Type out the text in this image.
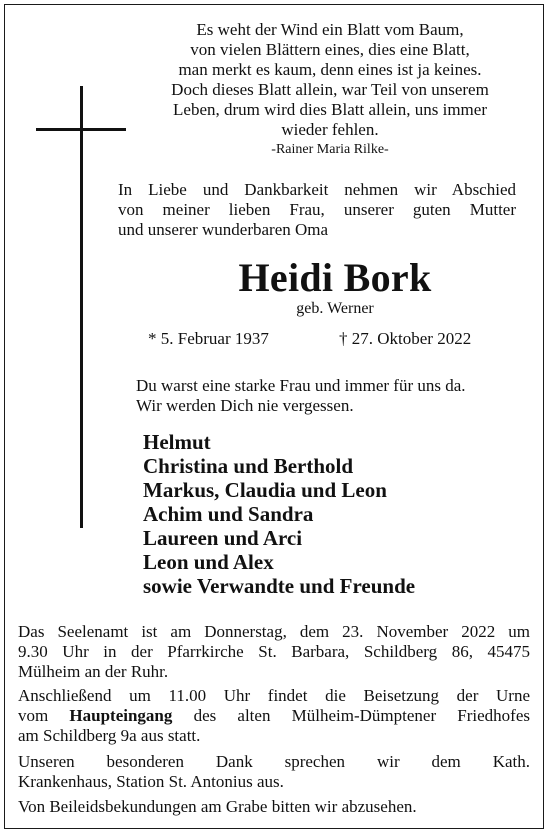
Es weht der Wind ein Blatt vom Baum,
von vielen Blättern eines, dies eine Blatt,
man merkt es kaum, denn eines ist ja keines.
Doch dieses Blatt allein, war Teil von unserem
Leben, drum wird dies Blatt allein, uns immer
wieder fehlen.
-Rainer Maria Rilke-
In Liebe und Dankbarkeit nehmen wir Abschied
von meiner lieben Frau, unserer guten Mutter
und unserer wunderbaren Oma
Heidi Bork
geb. Werner
* 5. Februar 1937	† 27. Oktober 2022
Du warst eine starke Frau und immer für uns da.
Wir werden Dich nie vergessen.
Helmut
Christina und Berthold
Markus, Claudia und Leon
Achim und Sandra
Laureen und Arci
Leon und Alex
sowie Verwandte und Freunde
Das Seelenamt ist am Donnerstag, dem 23. November 2022 um
9.30 Uhr in der Pfarrkirche St. Barbara, Schildberg 86, 45475
Mülheim an der Ruhr.
Anschließend um 11.00 Uhr findet die Beisetzung der Urne
vom Haupteingang des alten Mülheim-Dümptener Friedhofes
am Schildberg 9a aus statt.
Unseren besonderen Dank sprechen wir dem Kath.
Krankenhaus, Station St. Antonius aus.
Von Beileidsbekundungen am Grabe bitten wir abzusehen.
